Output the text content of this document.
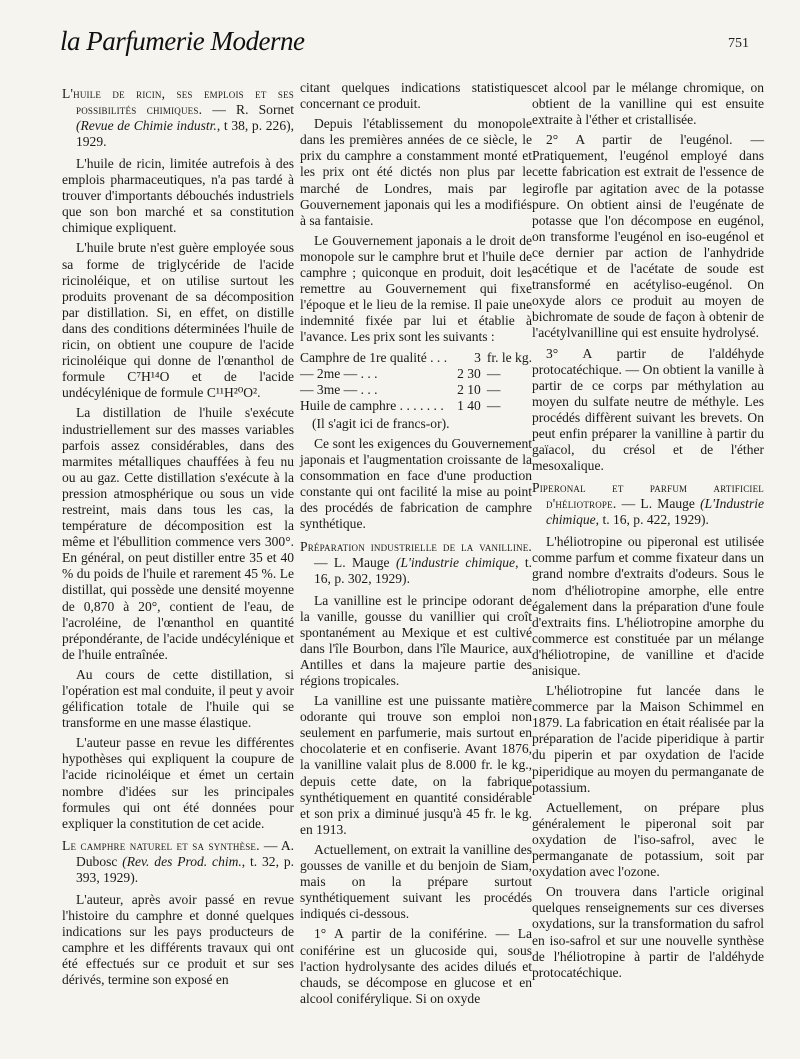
la Parfumerie Moderne	751
L'huile de ricin, ses emplois et ses possibilités chimiques. — R. Sornet (Revue de Chimie industr., t 38, p. 226), 1929.

L'huile de ricin, limitée autrefois à des emplois pharmaceutiques, n'a pas tardé à trouver d'importants débouchés industriels que son bon marché et sa constitution chimique expliquent.

L'huile brute n'est guère employée sous sa forme de triglycéride de l'acide ricinoléique, et on utilise surtout les produits provenant de sa décomposition par distillation. Si, en effet, on distille dans des conditions déterminées l'huile de ricin, on obtient une coupure de l'acide ricinoléique qui donne de l'œnanthol de formule C⁷H¹⁴O et de l'acide undécylénique de formule C¹¹H²⁰O².

La distillation de l'huile s'exécute industriellement sur des masses variables parfois assez considérables, dans des marmites métalliques chauffées à feu nu ou au gaz. Cette distillation s'exécute à la pression atmosphérique ou sous un vide restreint, mais dans tous les cas, la température de décomposition est la même et l'ébullition commence vers 300°. En général, on peut distiller entre 35 et 40 % du poids de l'huile et rarement 45 %. Le distillat, qui possède une densité moyenne de 0,870 à 20°, contient de l'eau, de l'acroléine, de l'œnanthol en quantité prépondérante, de l'acide undécylénique et de l'huile entraînée.

Au cours de cette distillation, si l'opération est mal conduite, il peut y avoir gélification totale de l'huile qui se transforme en une masse élastique.

L'auteur passe en revue les différentes hypothèses qui expliquent la coupure de l'acide ricinoléique et émet un certain nombre d'idées sur les principales formules qui ont été données pour expliquer la constitution de cet acide.

Le camphre naturel et sa synthèse. — A. Dubosc (Rev. des Prod. chim., t. 32, p. 393, 1929).

L'auteur, après avoir passé en revue l'histoire du camphre et donné quelques indications sur les pays producteurs de camphre et les différents travaux qui ont été effectués sur ce produit et sur ses dérivés, termine son exposé en

citant quelques indications statistiques concernant ce produit.

Depuis l'établissement du monopole dans les premières années de ce siècle, le prix du camphre a constamment monté et les prix ont été dictés non plus par le marché de Londres, mais par le Gouvernement japonais qui les a modifiés à sa fantaisie.

Le Gouvernement japonais a le droit de monopole sur le camphre brut et l'huile de camphre ; quiconque en produit, doit les remettre au Gouvernement qui fixe l'époque et le lieu de la remise. Il paie une indemnité fixée par lui et établie à l'avance. Les prix sont les suivants :

Camphre de 1re qualité . . .	3	fr. le kg.
— 2me — . . .	2 30	—
— 3me — . . .	2 10	—
Huile de camphre . . . . . . .	1 40	—
(Il s'agit ici de francs-or).

Ce sont les exigences du Gouvernement japonais et l'augmentation croissante de la consommation en face d'une production constante qui ont facilité la mise au point des procédés de fabrication de camphre synthétique.

Préparation industrielle de la vanilline. — L. Mauge (L'industrie chimique, t. 16, p. 302, 1929).

La vanilline est le principe odorant de la vanille, gousse du vanillier qui croît spontanément au Mexique et est cultivé dans l'île Bourbon, dans l'île Maurice, aux Antilles et dans la majeure partie des régions tropicales.

La vanilline est une puissante matière odorante qui trouve son emploi non seulement en parfumerie, mais surtout en chocolaterie et en confiserie. Avant 1876, la vanilline valait plus de 8.000 fr. le kg., depuis cette date, on la fabrique synthétiquement en quantité considérable et son prix a diminué jusqu'à 45 fr. le kg. en 1913.

Actuellement, on extrait la vanilline des gousses de vanille et du benjoin de Siam, mais on la prépare surtout synthétiquement suivant les procédés indiqués ci-dessous.

1° A partir de la coniférine. — La coniférine est un glucoside qui, sous l'action hydrolysante des acides dilués et chauds, se décompose en glucose et en alcool coniférylique. Si on oxyde

cet alcool par le mélange chromique, on obtient de la vanilline qui est ensuite extraite à l'éther et cristallisée.

2° A partir de l'eugénol. — Pratiquement, l'eugénol employé dans cette fabrication est extrait de l'essence de girofle par agitation avec de la potasse pure. On obtient ainsi de l'eugénate de potasse que l'on décompose en eugénol, on transforme l'eugénol en iso-eugénol et ce dernier par action de l'anhydride acétique et de l'acétate de soude est transformé en acétyliso-eugénol. On oxyde alors ce produit au moyen de bichromate de soude de façon à obtenir de l'acétylvanilline qui est ensuite hydrolysé.

3° A partir de l'aldéhyde protocatéchique. — On obtient la vanille à partir de ce corps par méthylation au moyen du sulfate neutre de méthyle. Les procédés diffèrent suivant les brevets. On peut enfin préparer la vanilline à partir du gaïacol, du crésol et de l'éther mesoxalique.

Piperonal et parfum artificiel d'héliotrope. — L. Mauge (L'Industrie chimique, t. 16, p. 422, 1929).

L'héliotropine ou piperonal est utilisée comme parfum et comme fixateur dans un grand nombre d'extraits d'odeurs. Sous le nom d'héliotropine amorphe, elle entre également dans la préparation d'une foule d'extraits fins. L'héliotropine amorphe du commerce est constituée par un mélange d'héliotropine, de vanilline et d'acide anisique.

L'héliotropine fut lancée dans le commerce par la Maison Schimmel en 1879. La fabrication en était réalisée par la préparation de l'acide piperidique à partir du piperin et par oxydation de l'acide piperidique au moyen du permanganate de potassium.

Actuellement, on prépare plus généralement le piperonal soit par oxydation de l'iso-safrol, avec le permanganate de potassium, soit par oxydation avec l'ozone.

On trouvera dans l'article original quelques renseignements sur ces diverses oxydations, sur la transformation du safrol en iso-safrol et sur une nouvelle synthèse de l'héliotropine à partir de l'aldéhyde protocatéchique.
